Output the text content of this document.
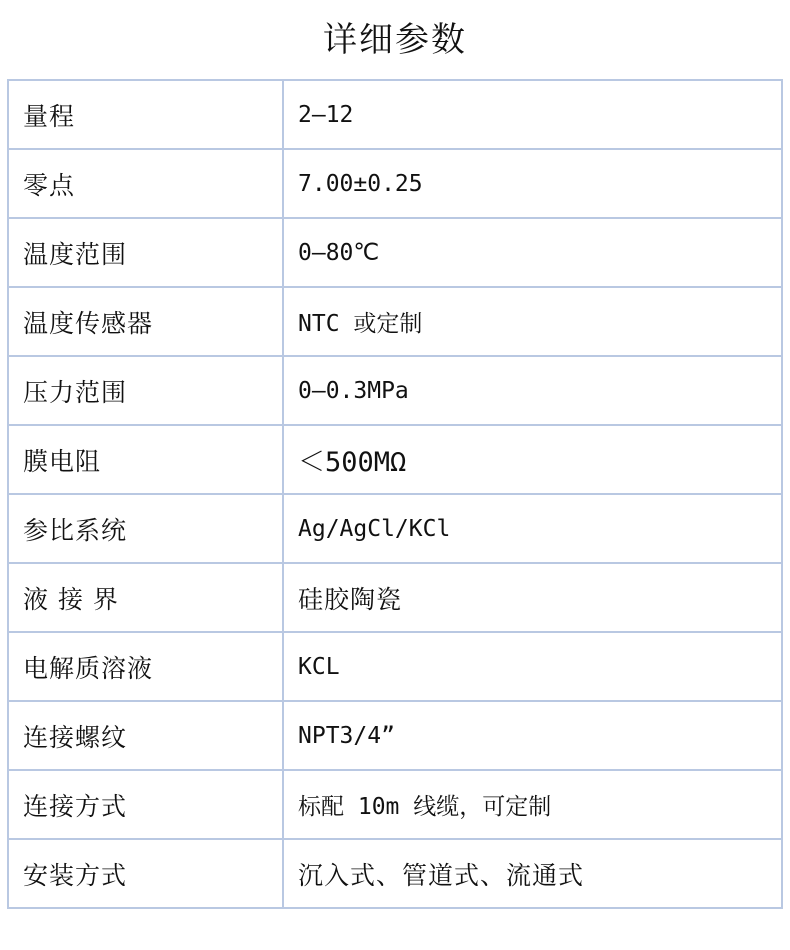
详细参数
量程	2–12
零点	7.00±0.25
温度范围	0–80℃
温度传感器	NTC 或定制
压力范围	0–0.3MPa
膜电阻	＜500MΩ
参比系统	Ag/AgCl/KCl
液 接 界	硅胶陶瓷
电解质溶液	KCL
连接螺纹	NPT3/4”
连接方式	标配 10m 线缆，可定制
安装方式	沉入式、管道式、流通式
